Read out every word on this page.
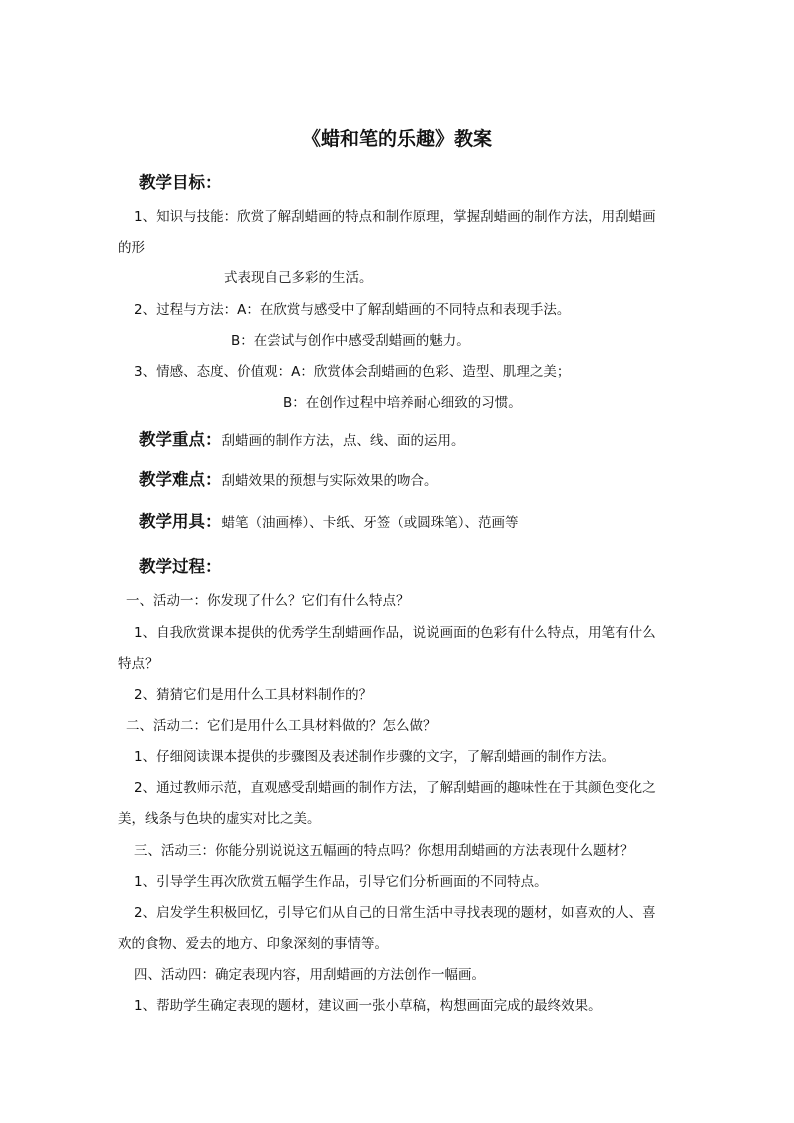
《蜡和笔的乐趣》教案
教学目标：
1、知识与技能：欣赏了解刮蜡画的特点和制作原理，掌握刮蜡画的制作方法，用刮蜡画
的形
式表现自己多彩的生活。
2、过程与方法：A：在欣赏与感受中了解刮蜡画的不同特点和表现手法。
B：在尝试与创作中感受刮蜡画的魅力。
3、情感、态度、价值观：A：欣赏体会刮蜡画的色彩、造型、肌理之美；
B：在创作过程中培养耐心细致的习惯。
教学重点：刮蜡画的制作方法，点、线、面的运用。
教学难点：刮蜡效果的预想与实际效果的吻合。
教学用具：蜡笔（油画棒）、卡纸、牙签（或圆珠笔）、范画等
教学过程：
一、活动一：你发现了什么？它们有什么特点？
1、自我欣赏课本提供的优秀学生刮蜡画作品，说说画面的色彩有什么特点，用笔有什么
特点？
2、猜猜它们是用什么工具材料制作的？
二、活动二：它们是用什么工具材料做的？怎么做？
1、仔细阅读课本提供的步骤图及表述制作步骤的文字，了解刮蜡画的制作方法。
2、通过教师示范，直观感受刮蜡画的制作方法，了解刮蜡画的趣味性在于其颜色变化之
美，线条与色块的虚实对比之美。
三、活动三：你能分别说说这五幅画的特点吗？你想用刮蜡画的方法表现什么题材？
1、引导学生再次欣赏五幅学生作品，引导它们分析画面的不同特点。
2、启发学生积极回忆，引导它们从自己的日常生活中寻找表现的题材，如喜欢的人、喜
欢的食物、爱去的地方、印象深刻的事情等。
四、活动四：确定表现内容，用刮蜡画的方法创作一幅画。
1、帮助学生确定表现的题材，建议画一张小草稿，构想画面完成的最终效果。
